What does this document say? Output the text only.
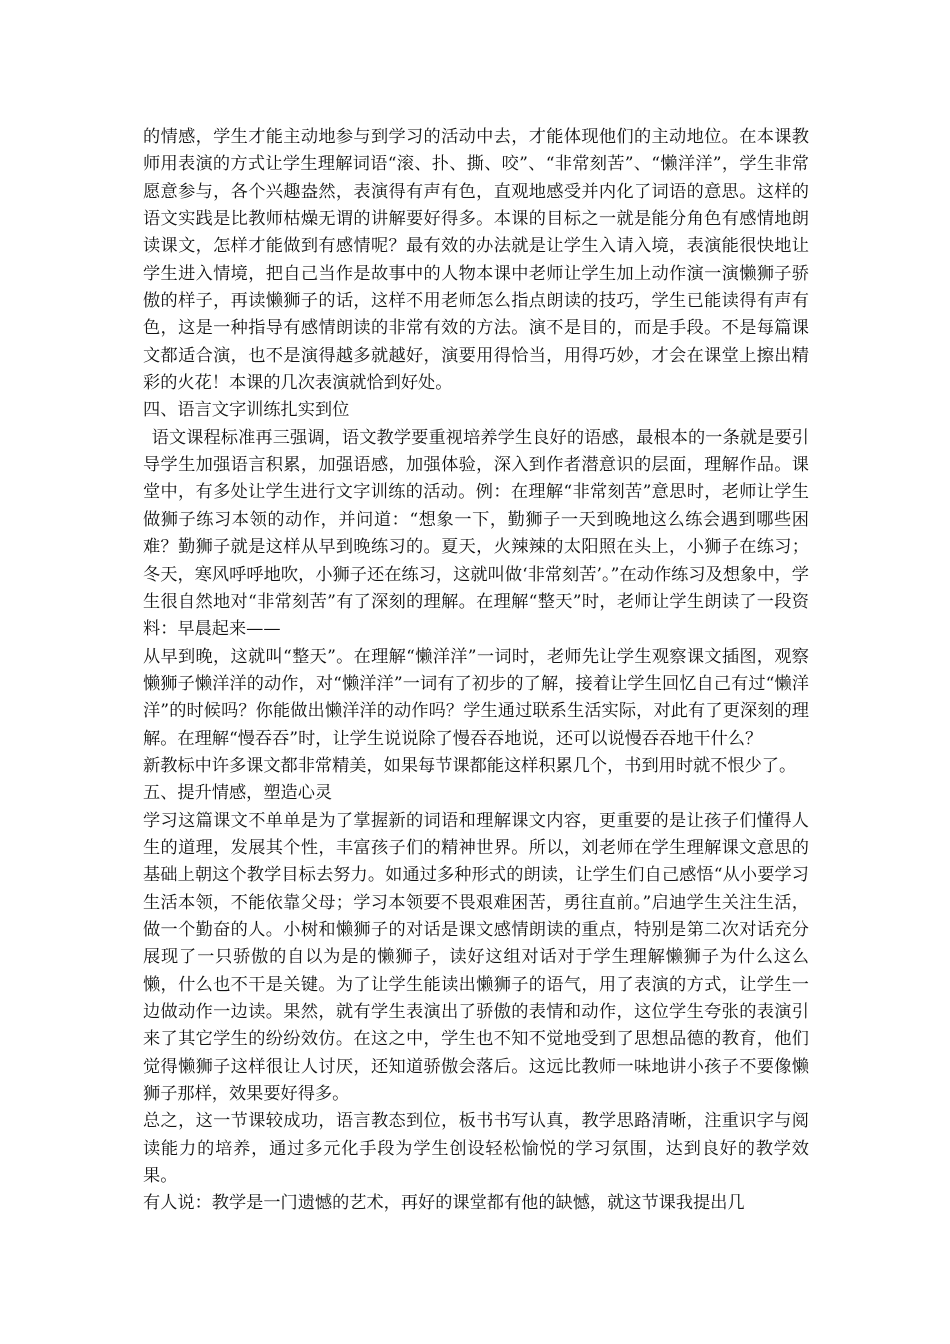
的情感，学生才能主动地参与到学习的活动中去，才能体现他们的主动地位。在本课教师用表演的方式让学生理解词语“滚、扑、撕、咬”、“非常刻苦”、“懒洋洋”，学生非常愿意参与，各个兴趣盎然，表演得有声有色，直观地感受并内化了词语的意思。这样的语文实践是比教师枯燥无谓的讲解要好得多。本课的目标之一就是能分角色有感情地朗读课文，怎样才能做到有感情呢？最有效的办法就是让学生入请入境，表演能很快地让学生进入情境，把自己当作是故事中的人物本课中老师让学生加上动作演一演懒狮子骄傲的样子，再读懒狮子的话，这样不用老师怎么指点朗读的技巧，学生已能读得有声有色，这是一种指导有感情朗读的非常有效的方法。演不是目的，而是手段。不是每篇课文都适合演，也不是演得越多就越好，演要用得恰当，用得巧妙，才会在课堂上擦出精彩的火花！本课的几次表演就恰到好处。

四、语言文字训练扎实到位

语文课程标准再三强调，语文教学要重视培养学生良好的语感，最根本的一条就是要引导学生加强语言积累，加强语感，加强体验，深入到作者潜意识的层面，理解作品。课堂中，有多处让学生进行文字训练的活动。例：在理解“非常刻苦”意思时，老师让学生做狮子练习本领的动作，并问道：“想象一下，勤狮子一天到晚地这么练会遇到哪些困难？勤狮子就是这样从早到晚练习的。夏天，火辣辣的太阳照在头上，小狮子在练习；冬天，寒风呼呼地吹，小狮子还在练习，这就叫做‘非常刻苦’。”在动作练习及想象中，学生很自然地对“非常刻苦”有了深刻的理解。在理解“整天”时，老师让学生朗读了一段资料：早晨起来——

从早到晚，这就叫“整天”。在理解“懒洋洋”一词时，老师先让学生观察课文插图，观察懒狮子懒洋洋的动作，对“懒洋洋”一词有了初步的了解，接着让学生回忆自己有过“懒洋洋”的时候吗？你能做出懒洋洋的动作吗？学生通过联系生活实际，对此有了更深刻的理解。在理解“慢吞吞”时，让学生说说除了慢吞吞地说，还可以说慢吞吞地干什么？

新教标中许多课文都非常精美，如果每节课都能这样积累几个，书到用时就不恨少了。

五、提升情感，塑造心灵

学习这篇课文不单单是为了掌握新的词语和理解课文内容，更重要的是让孩子们懂得人生的道理，发展其个性，丰富孩子们的精神世界。所以，刘老师在学生理解课文意思的基础上朝这个教学目标去努力。如通过多种形式的朗读，让学生们自己感悟“从小要学习生活本领，不能依靠父母；学习本领要不畏艰难困苦，勇往直前。”启迪学生关注生活，做一个勤奋的人。小树和懒狮子的对话是课文感情朗读的重点，特别是第二次对话充分展现了一只骄傲的自以为是的懒狮子，读好这组对话对于学生理解懒狮子为什么这么懒，什么也不干是关键。为了让学生能读出懒狮子的语气，用了表演的方式，让学生一边做动作一边读。果然，就有学生表演出了骄傲的表情和动作，这位学生夸张的表演引来了其它学生的纷纷效仿。在这之中，学生也不知不觉地受到了思想品德的教育，他们觉得懒狮子这样很让人讨厌，还知道骄傲会落后。这远比教师一味地讲小孩子不要像懒狮子那样，效果要好得多。

总之，这一节课较成功，语言教态到位，板书书写认真，教学思路清晰，注重识字与阅读能力的培养，通过多元化手段为学生创设轻松愉悦的学习氛围，达到良好的教学效果。

有人说：教学是一门遗憾的艺术，再好的课堂都有他的缺憾，就这节课我提出几
